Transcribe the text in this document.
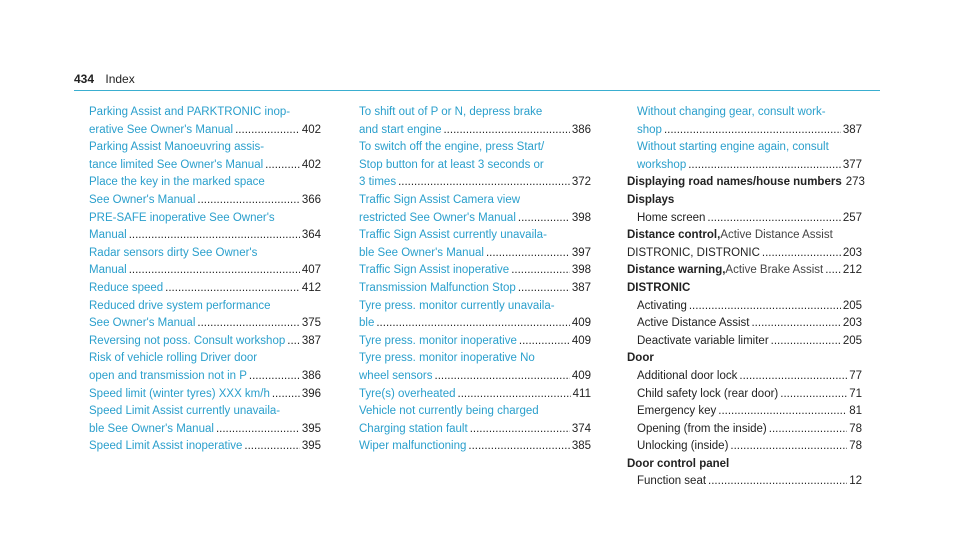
434 Index
Parking Assist and PARKTRONIC inop-
erative See Owner's Manual .....	402
Parking Assist Manoeuvring assis-
tance limited See Owner's Manual .....	402
Place the key in the marked space
See Owner's Manual .....	366
PRE-SAFE inoperative See Owner's
Manual .....	364
Radar sensors dirty See Owner's
Manual .....	407
Reduce speed .....	412
Reduced drive system performance
See Owner's Manual .....	375
Reversing not poss. Consult workshop ..... 387
Risk of vehicle rolling Driver door
open and transmission not in P .....	386
Speed limit (winter tyres) XXX km/h .....	396
Speed Limit Assist currently unavaila-
ble See Owner's Manual .....	395
Speed Limit Assist inoperative .....	395
To shift out of P or N, depress brake
and start engine .....	386
To switch off the engine, press Start/
Stop button for at least 3 seconds or
3 times .....	372
Traffic Sign Assist Camera view
restricted See Owner's Manual .....	398
Traffic Sign Assist currently unavaila-
ble See Owner's Manual .....	397
Traffic Sign Assist inoperative .....	398
Transmission Malfunction Stop .....	387
Tyre press. monitor currently unavaila-
ble .....	409
Tyre press. monitor inoperative .....	409
Tyre press. monitor inoperative No
wheel sensors .....	409
Tyre(s) overheated .....	411
Vehicle not currently being charged
Charging station fault .....	374
Wiper malfunctioning .....	385
Without changing gear, consult work-
shop .....	387
Without starting engine again, consult
workshop .....	377
Displaying road names/house numbers 273
Displays
Home screen .....	257
Distance control, Active Distance Assist
DISTRONIC, DISTRONIC .....	203
Distance warning, Active Brake Assist ..... 212
DISTRONIC
Activating .....	205
Active Distance Assist .....	203
Deactivate variable limiter .....	205
Door
Additional door lock .....	77
Child safety lock (rear door) .....	71
Emergency key .....	81
Opening (from the inside) .....	78
Unlocking (inside) .....	78
Door control panel
Function seat .....	12
